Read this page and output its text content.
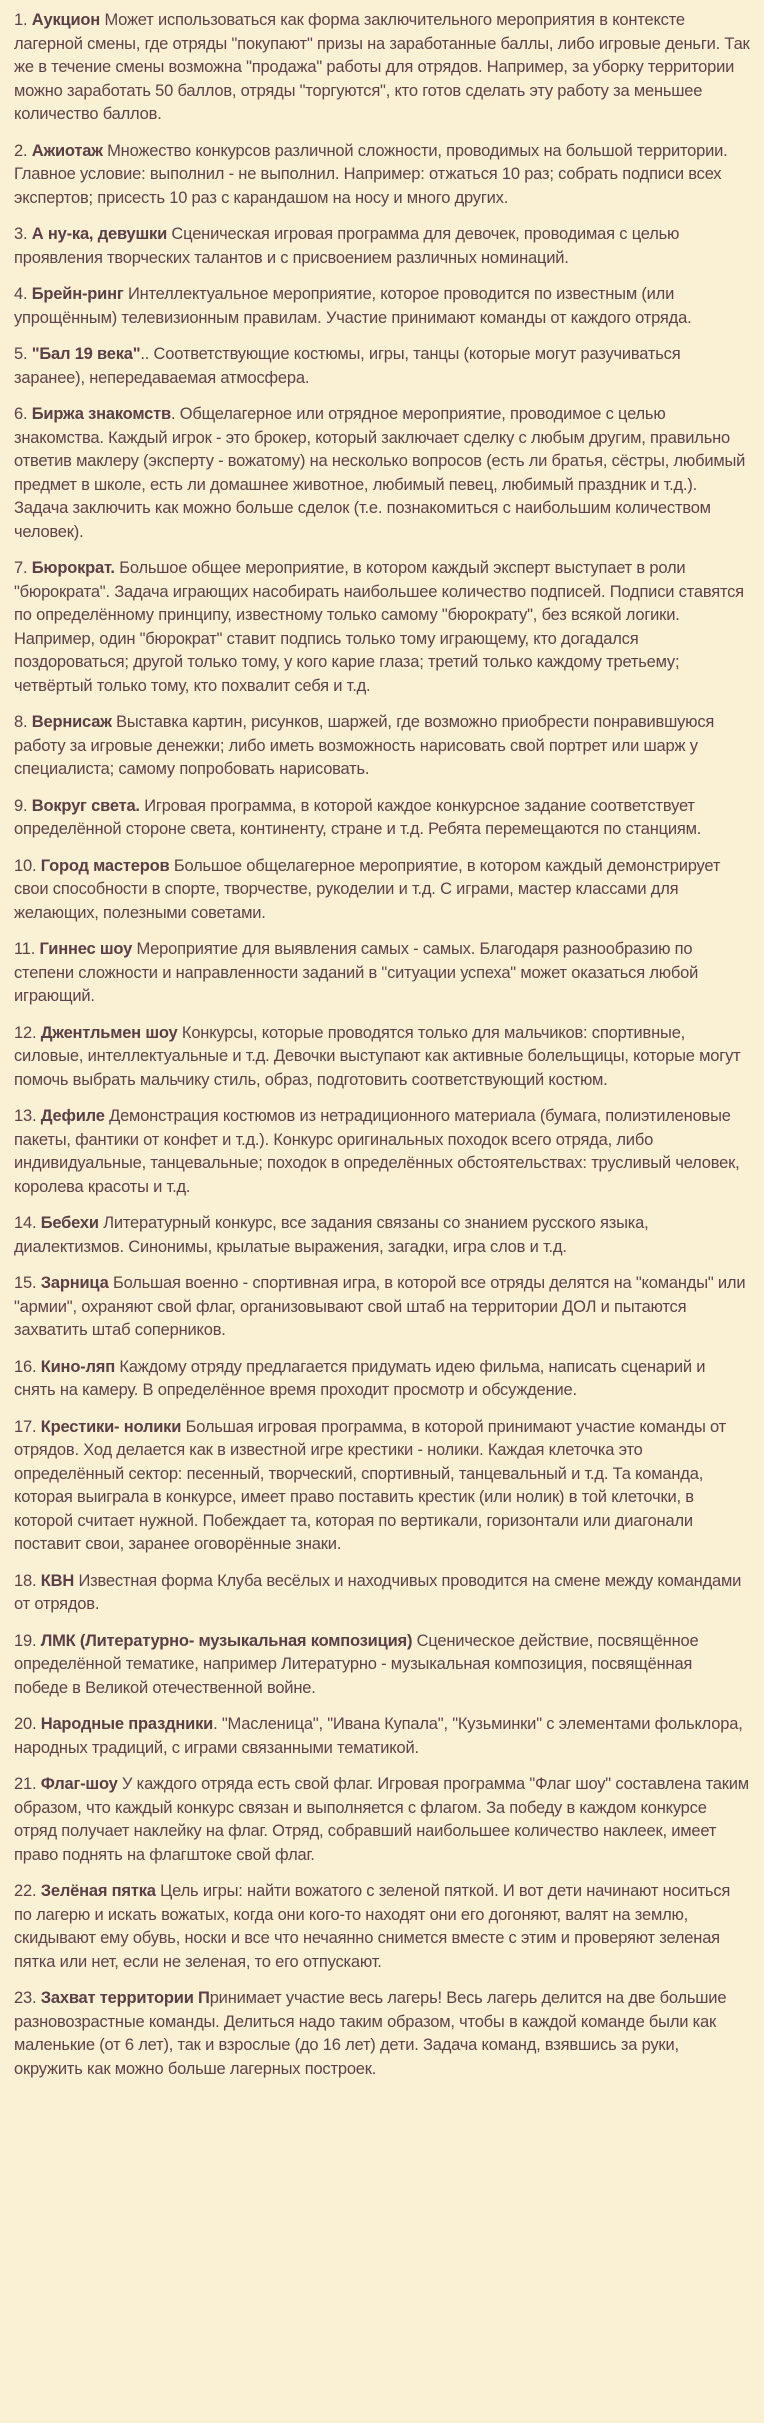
1. Аукцион Может использоваться как форма заключительного мероприятия в контексте лагерной смены, где отряды "покупают" призы на заработанные баллы, либо игровые деньги. Так же в течение смены возможна "продажа" работы для отрядов. Например, за уборку территории можно заработать 50 баллов, отряды "торгуются", кто готов сделать эту работу за меньшее количество баллов.

2. Ажиотаж Множество конкурсов различной сложности, проводимых на большой территории. Главное условие: выполнил - не выполнил. Например: отжаться 10 раз; собрать подписи всех экспертов; присесть 10 раз с карандашом на носу и много других.

3. А ну-ка, девушки Сценическая игровая программа для девочек, проводимая с целью проявления творческих талантов и с присвоением различных номинаций.

4. Брейн-ринг Интеллектуальное мероприятие, которое проводится по известным (или упрощённым) телевизионным правилам. Участие принимают команды от каждого отряда.

5. "Бал 19 века".. Соответствующие костюмы, игры, танцы (которые могут разучиваться заранее), непередаваемая атмосфера.

6. Биржа знакомств. Общелагерное или отрядное мероприятие, проводимое с целью знакомства. Каждый игрок - это брокер, который заключает сделку с любым другим, правильно ответив маклеру (эксперту - вожатому) на несколько вопросов (есть ли братья, сёстры, любимый предмет в школе, есть ли домашнее животное, любимый певец, любимый праздник и т.д.). Задача заключить как можно больше сделок (т.е. познакомиться с наибольшим количеством человек).

7. Бюрократ. Большое общее мероприятие, в котором каждый эксперт выступает в роли "бюрократа". Задача играющих насобирать наибольшее количество подписей. Подписи ставятся по определённому принципу, известному только самому "бюрократу", без всякой логики. Например, один "бюрократ" ставит подпись только тому играющему, кто догадался поздороваться; другой только тому, у кого карие глаза; третий только каждому третьему; четвёртый только тому, кто похвалит себя и т.д.

8. Вернисаж Выставка картин, рисунков, шаржей, где возможно приобрести понравившуюся работу за игровые денежки; либо иметь возможность нарисовать свой портрет или шарж у специалиста; самому попробовать нарисовать.

9. Вокруг света. Игровая программа, в которой каждое конкурсное задание соответствует определённой стороне света, континенту, стране и т.д. Ребята перемещаются по станциям.

10. Город мастеров Большое общелагерное мероприятие, в котором каждый демонстрирует свои способности в спорте, творчестве, рукоделии и т.д. С играми, мастер классами для желающих, полезными советами.

11. Гиннес шоу Мероприятие для выявления самых - самых. Благодаря разнообразию по степени сложности и направленности заданий в "ситуации успеха" может оказаться любой играющий.

12. Джентльмен шоу Конкурсы, которые проводятся только для мальчиков: спортивные, силовые, интеллектуальные и т.д. Девочки выступают как активные болельщицы, которые могут помочь выбрать мальчику стиль, образ, подготовить соответствующий костюм.

13. Дефиле Демонстрация костюмов из нетрадиционного материала (бумага, полиэтиленовые пакеты, фантики от конфет и т.д.). Конкурс оригинальных походок всего отряда, либо индивидуальные, танцевальные; походок в определённых обстоятельствах: трусливый человек, королева красоты и т.д.

14. Бебехи Литературный конкурс, все задания связаны со знанием русского языка, диалектизмов. Синонимы, крылатые выражения, загадки, игра слов и т.д.

15. Зарница Большая военно - спортивная игра, в которой все отряды делятся на "команды" или "армии", охраняют свой флаг, организовывают свой штаб на территории ДОЛ и пытаются захватить штаб соперников.

16. Кино-ляп Каждому отряду предлагается придумать идею фильма, написать сценарий и снять на камеру. В определённое время проходит просмотр и обсуждение.

17. Крестики- нолики Большая игровая программа, в которой принимают участие команды от отрядов. Ход делается как в известной игре крестики - нолики. Каждая клеточка это определённый сектор: песенный, творческий, спортивный, танцевальный и т.д. Та команда, которая выиграла в конкурсе, имеет право поставить крестик (или нолик) в той клеточки, в которой считает нужной. Побеждает та, которая по вертикали, горизонтали или диагонали поставит свои, заранее оговорённые знаки.

18. КВН Известная форма Клуба весёлых и находчивых проводится на смене между командами от отрядов.

19. ЛМК (Литературно- музыкальная композиция) Сценическое действие, посвящённое определённой тематике, например Литературно - музыкальная композиция, посвящённая победе в Великой отечественной войне.

20. Народные праздники. "Масленица", "Ивана Купала", "Кузьминки" с элементами фольклора, народных традиций, с играми связанными тематикой.

21. Флаг-шоу У каждого отряда есть свой флаг. Игровая программа "Флаг шоу" составлена таким образом, что каждый конкурс связан и выполняется с флагом. За победу в каждом конкурсе отряд получает наклейку на флаг. Отряд, собравший наибольшее количество наклеек, имеет право поднять на флагштоке свой флаг.

22. Зелёная пятка Цель игры: найти вожатого с зеленой пяткой. И вот дети начинают носиться по лагерю и искать вожатых, когда они кого-то находят они его догоняют, валят на землю, скидывают ему обувь, носки и все что нечаянно снимется вместе с этим и проверяют зеленая пятка или нет, если не зеленая, то его отпускают.

23. Захват территории Принимает участие весь лагерь! Весь лагерь делится на две большие разновозрастные команды. Делиться надо таким образом, чтобы в каждой команде были как маленькие (от 6 лет), так и взрослые (до 16 лет) дети. Задача команд, взявшись за руки, окружить как можно больше лагерных построек.
